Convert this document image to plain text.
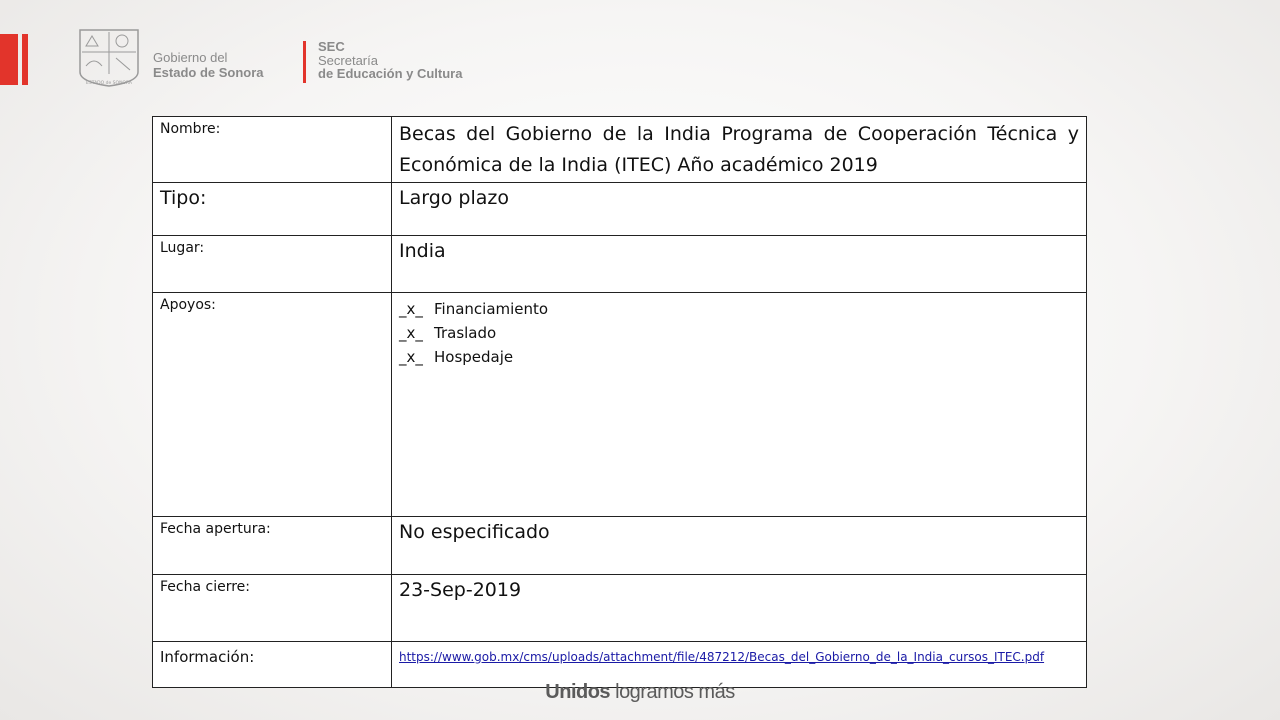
ESTADO de SONORA
Gobierno del
Estado de Sonora
SEC
Secretaría
de Educación y Cultura
Nombre:	Becas del Gobierno de la India Programa de Cooperación Técnica y Económica de la India (ITEC) Año académico 2019

Tipo:	Largo plazo
Lugar:	India
Apoyos:	_x_ Financiamiento
_x_ Traslado
_x_ Hospedaje

Fecha apertura:	No especificado
Fecha cierre:	23-Sep-2019
Información:	https://www.gob.mx/cms/uploads/attachment/file/487212/Becas_del_Gobierno_de_la_India_cursos_ITEC.pdf
Unidos logramos más
